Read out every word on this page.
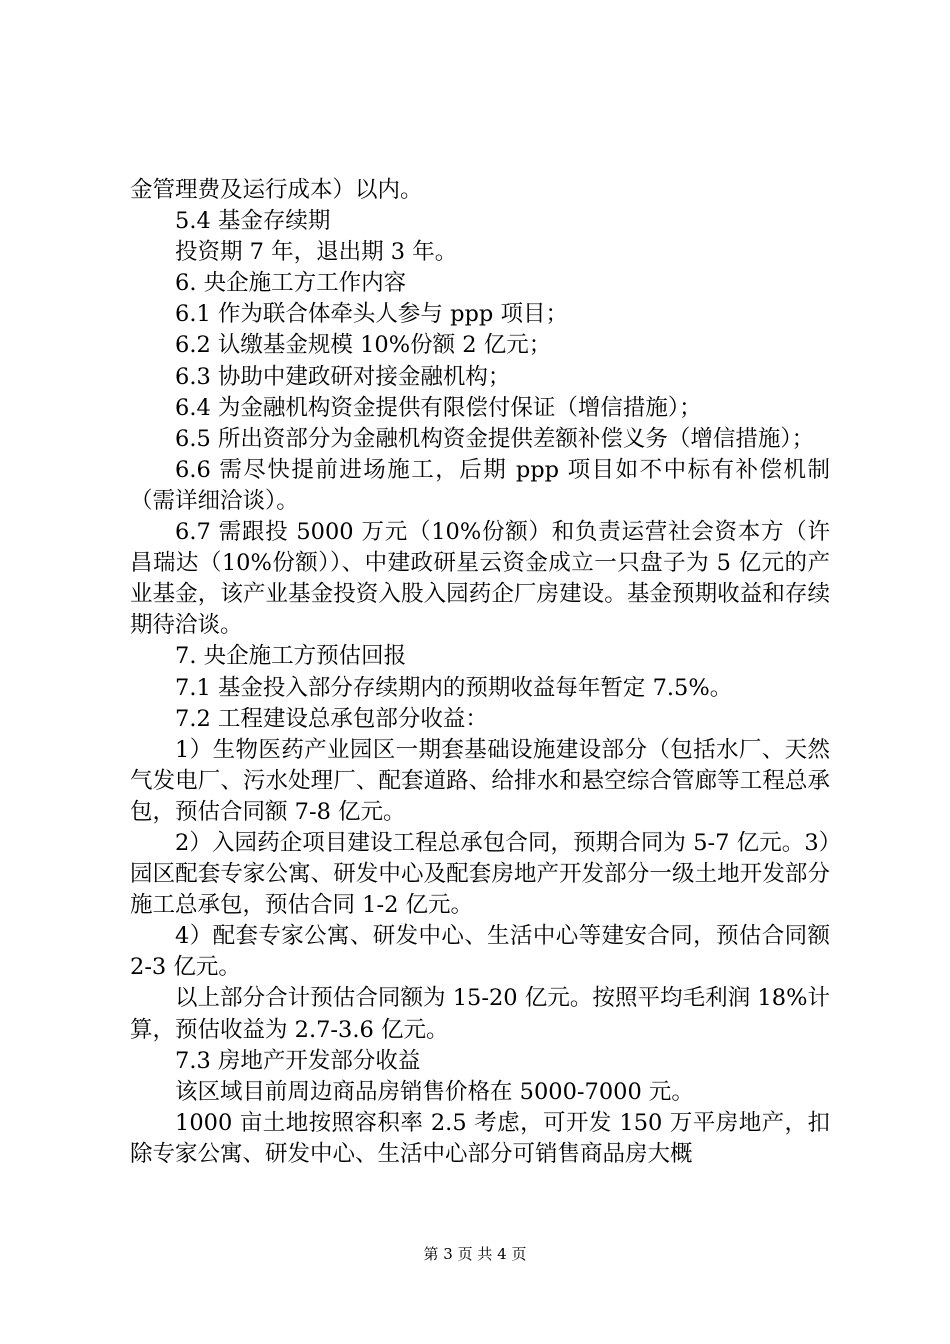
金管理费及运行成本）以内。

5.4 基金存续期

投资期 7 年，退出期 3 年。

6. 央企施工方工作内容

6.1 作为联合体牵头人参与 ppp 项目；

6.2 认缴基金规模 10%份额 2 亿元；

6.3 协助中建政研对接金融机构；

6.4 为金融机构资金提供有限偿付保证（增信措施）；

6.5 所出资部分为金融机构资金提供差额补偿义务（增信措施）；

6.6 需尽快提前进场施工，后期 ppp 项目如不中标有补偿机制（需详细洽谈）。

6.7 需跟投 5000 万元（10%份额）和负责运营社会资本方（许昌瑞达（10%份额））、中建政研星云资金成立一只盘子为 5 亿元的产业基金，该产业基金投资入股入园药企厂房建设。基金预期收益和存续期待洽谈。

7. 央企施工方预估回报

7.1 基金投入部分存续期内的预期收益每年暂定 7.5%。

7.2 工程建设总承包部分收益：

1）生物医药产业园区一期套基础设施建设部分（包括水厂、天然气发电厂、污水处理厂、配套道路、给排水和悬空综合管廊等工程总承包，预估合同额 7-8 亿元。

2）入园药企项目建设工程总承包合同，预期合同为 5-7 亿元。3）园区配套专家公寓、研发中心及配套房地产开发部分一级土地开发部分施工总承包，预估合同 1-2 亿元。

4）配套专家公寓、研发中心、生活中心等建安合同，预估合同额 2-3 亿元。

以上部分合计预估合同额为 15-20 亿元。按照平均毛利润 18%计算，预估收益为 2.7-3.6 亿元。

7.3 房地产开发部分收益

该区域目前周边商品房销售价格在 5000-7000 元。

1000 亩土地按照容积率 2.5 考虑，可开发 150 万平房地产，扣除专家公寓、研发中心、生活中心部分可销售商品房大概

第 3 页 共 4 页
